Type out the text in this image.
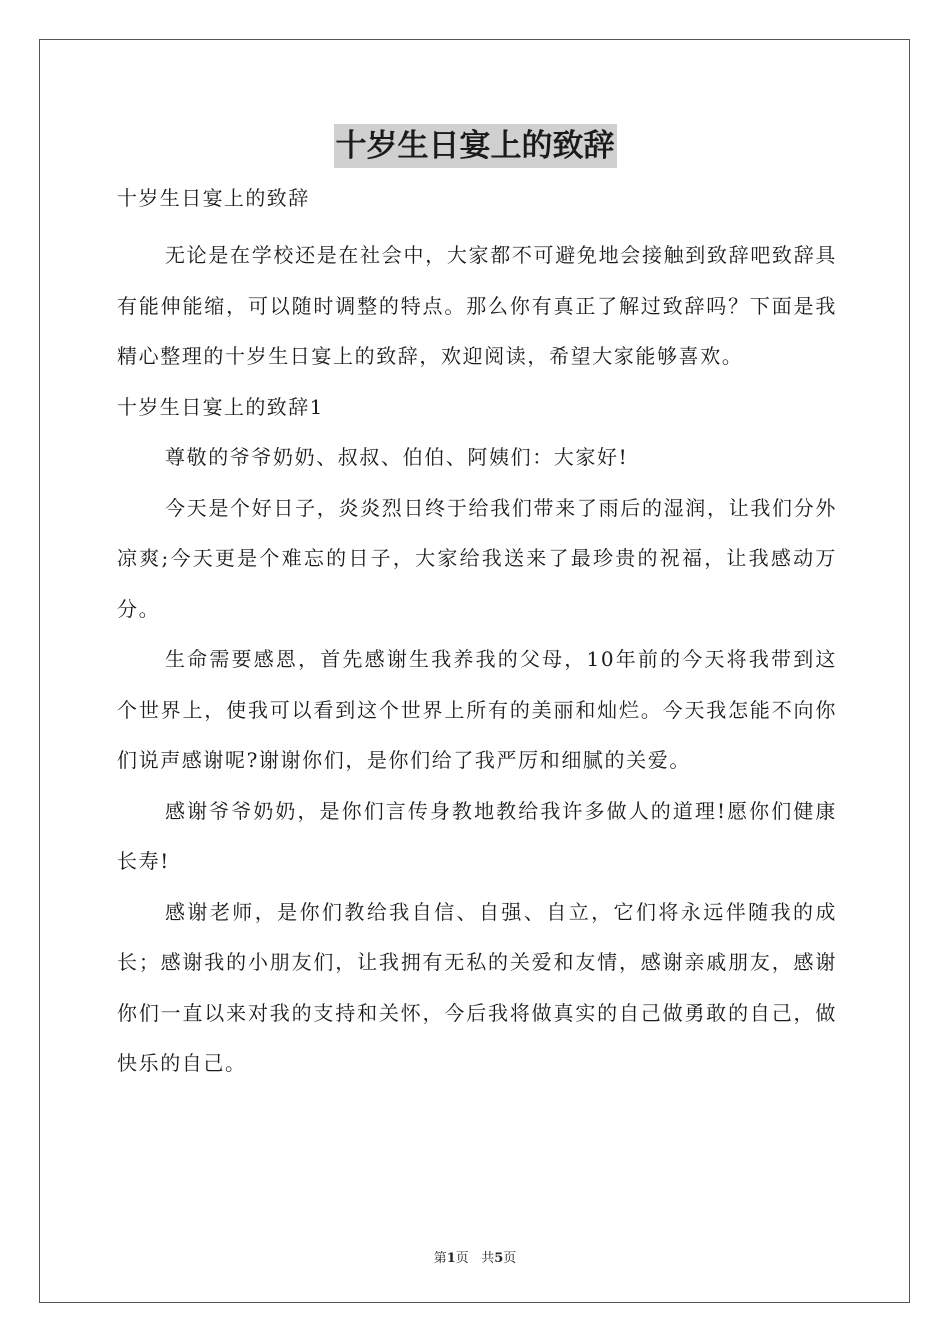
十岁生日宴上的致辞

十岁生日宴上的致辞

无论是在学校还是在社会中，大家都不可避免地会接触到致辞吧致辞具有能伸能缩，可以随时调整的特点。那么你有真正了解过致辞吗？下面是我精心整理的十岁生日宴上的致辞，欢迎阅读，希望大家能够喜欢。

十岁生日宴上的致辞1

尊敬的爷爷奶奶、叔叔、伯伯、阿姨们：大家好!

今天是个好日子，炎炎烈日终于给我们带来了雨后的湿润，让我们分外凉爽;今天更是个难忘的日子，大家给我送来了最珍贵的祝福，让我感动万分。

生命需要感恩，首先感谢生我养我的父母，10年前的今天将我带到这个世界上，使我可以看到这个世界上所有的美丽和灿烂。今天我怎能不向你们说声感谢呢?谢谢你们，是你们给了我严厉和细腻的关爱。

感谢爷爷奶奶，是你们言传身教地教给我许多做人的道理!愿你们健康长寿!

感谢老师，是你们教给我自信、自强、自立，它们将永远伴随我的成长；感谢我的小朋友们，让我拥有无私的关爱和友情，感谢亲戚朋友，感谢你们一直以来对我的支持和关怀，今后我将做真实的自己做勇敢的自己，做快乐的自己。

第1页 共5页
